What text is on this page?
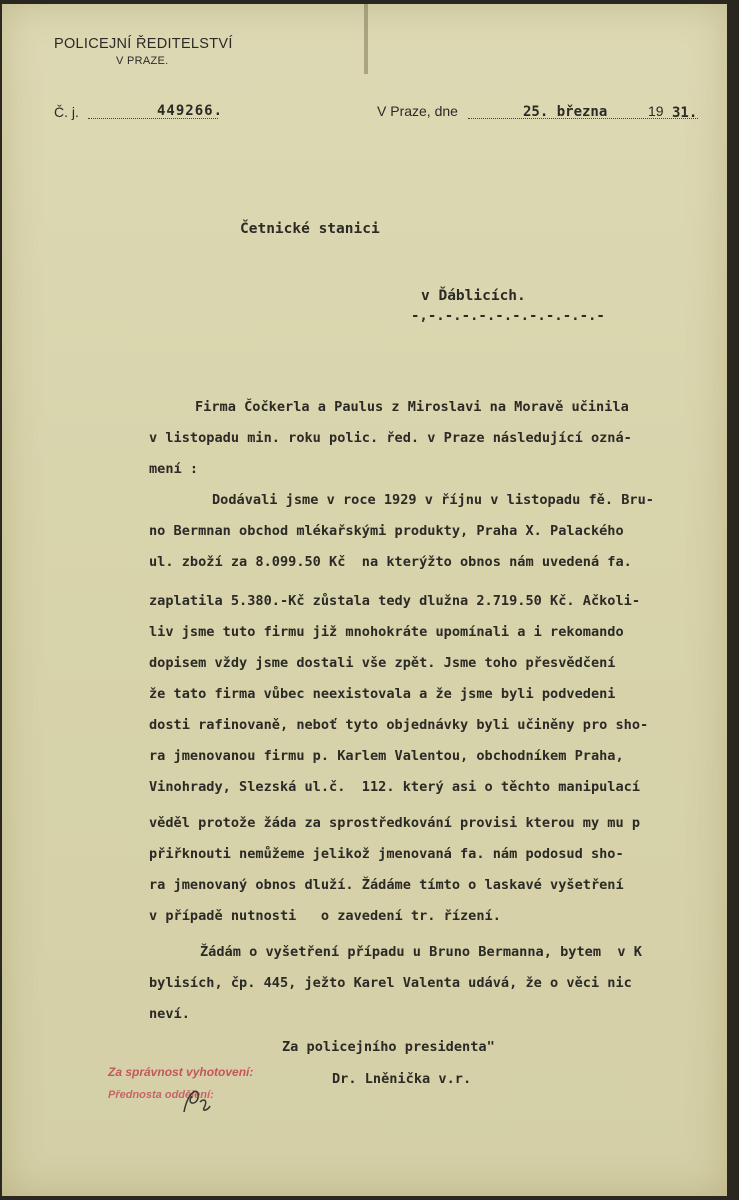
POLICEJNÍ ŘEDITELSTVÍ
V PRAZE.
Č. j.	449266.	V Praze, dne	25. března	19 31.
Četnické stanici
v Ďáblicích.
-,-.-.-.-.-.-.-.-.-.-.-
Firma Čočkerla a Paulus z Miroslavi na Moravě učinila
v listopadu min. roku polic. řed. v Praze následující ozná-
mení :
Dodávali jsme v roce 1929 v říjnu v listopadu fě. Bru-
no Bermnan obchod mlékařskými produkty, Praha X. Palackého
ul. zboží za 8.099.50 Kč  na kterýžto obnos nám uvedená fa.
zaplatila 5.380.-Kč zůstala tedy dlužna 2.719.50 Kč. Ačkoli-
liv jsme tuto firmu již mnohokráte upomínali a i rekomando
dopisem vždy jsme dostali vše zpět. Jsme toho přesvědčení
že tato firma vůbec neexistovala a že jsme byli podvedeni
dosti rafinovaně, neboť tyto objednávky byli učiněny pro sho-
ra jmenovanou firmu p. Karlem Valentou, obchodníkem Praha,
Vinohrady, Slezská ul.č.  112. který asi o těchto manipulací
věděl protože žáda za sprostředkování provisi kterou my mu p
přiřknouti nemůžeme jelikož jmenovaná fa. nám podosud sho-
ra jmenovaný obnos dluží. Žádáme tímto o laskavé vyšetření
v případě nutnosti   o zavedení tr. řízení.
Žádám o vyšetření případu u Bruno Bermanna, bytem  v K
bylisích, čp. 445, ježto Karel Valenta udává, že o věci nic
neví.
Za policejního presidenta"
Dr. Lněnička v.r.
Za správnost vyhotovení:
Přednosta oddělení:
